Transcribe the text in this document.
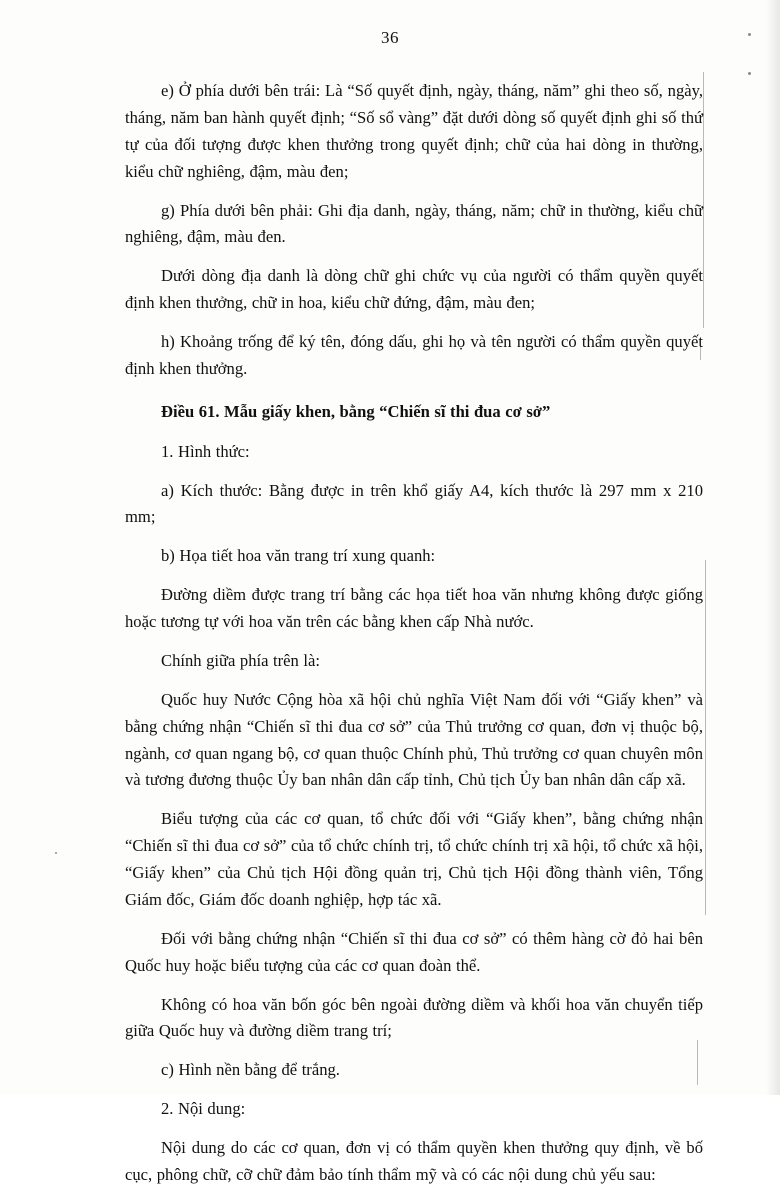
36

e) Ở phía dưới bên trái: Là “Số quyết định, ngày, tháng, năm” ghi theo số, ngày, tháng, năm ban hành quyết định; “Số sổ vàng” đặt dưới dòng số quyết định ghi số thứ tự của đối tượng được khen thưởng trong quyết định; chữ của hai dòng in thường, kiểu chữ nghiêng, đậm, màu đen;

g) Phía dưới bên phải: Ghi địa danh, ngày, tháng, năm; chữ in thường, kiểu chữ nghiêng, đậm, màu đen.

Dưới dòng địa danh là dòng chữ ghi chức vụ của người có thẩm quyền quyết định khen thưởng, chữ in hoa, kiểu chữ đứng, đậm, màu đen;

h) Khoảng trống để ký tên, đóng dấu, ghi họ và tên người có thẩm quyền quyết định khen thưởng.

Điều 61. Mẫu giấy khen, bằng “Chiến sĩ thi đua cơ sở”

1. Hình thức:

a) Kích thước: Bằng được in trên khổ giấy A4, kích thước là 297 mm x 210 mm;

b) Họa tiết hoa văn trang trí xung quanh:

Đường diềm được trang trí bằng các họa tiết hoa văn nhưng không được giống hoặc tương tự với hoa văn trên các bằng khen cấp Nhà nước.

Chính giữa phía trên là:

Quốc huy Nước Cộng hòa xã hội chủ nghĩa Việt Nam đối với “Giấy khen” và bằng chứng nhận “Chiến sĩ thi đua cơ sở” của Thủ trưởng cơ quan, đơn vị thuộc bộ, ngành, cơ quan ngang bộ, cơ quan thuộc Chính phủ, Thủ trưởng cơ quan chuyên môn và tương đương thuộc Ủy ban nhân dân cấp tỉnh, Chủ tịch Ủy ban nhân dân cấp xã.

Biểu tượng của các cơ quan, tổ chức đối với “Giấy khen”, bằng chứng nhận “Chiến sĩ thi đua cơ sở” của tổ chức chính trị, tổ chức chính trị xã hội, tổ chức xã hội, “Giấy khen” của Chủ tịch Hội đồng quản trị, Chủ tịch Hội đồng thành viên, Tổng Giám đốc, Giám đốc doanh nghiệp, hợp tác xã.

Đối với bằng chứng nhận “Chiến sĩ thi đua cơ sở” có thêm hàng cờ đỏ hai bên Quốc huy hoặc biểu tượng của các cơ quan đoàn thể.

Không có hoa văn bốn góc bên ngoài đường diềm và khối hoa văn chuyển tiếp giữa Quốc huy và đường diềm trang trí;

c) Hình nền bằng để trắng.

2. Nội dung:

Nội dung do các cơ quan, đơn vị có thẩm quyền khen thưởng quy định, về bố cục, phông chữ, cỡ chữ đảm bảo tính thẩm mỹ và có các nội dung chủ yếu sau:
